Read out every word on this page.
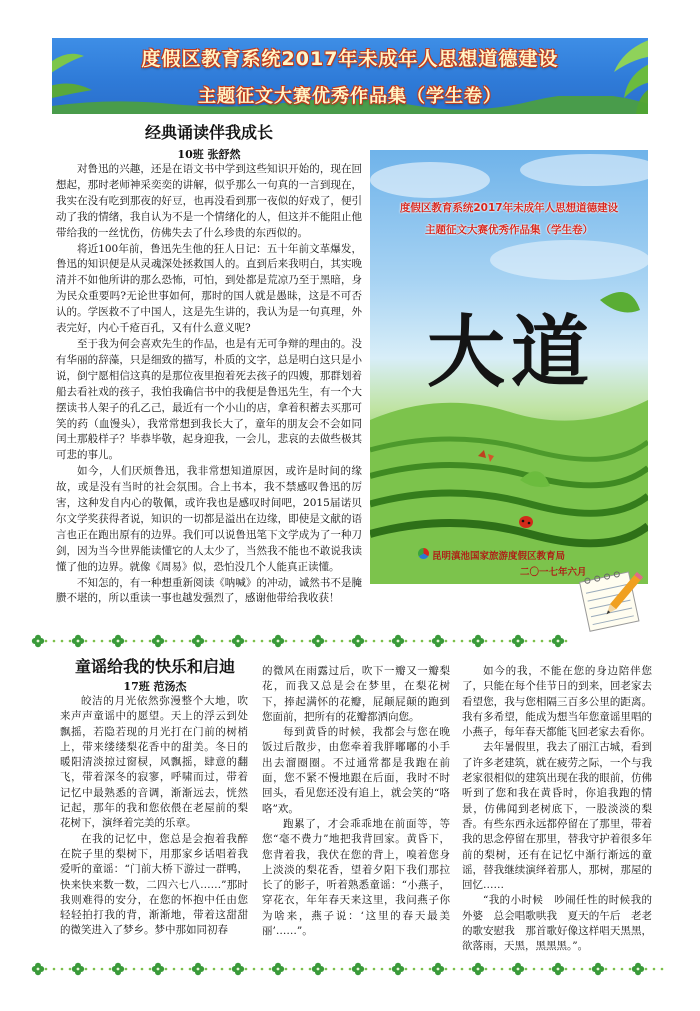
度假区教育系统2017年未成年人思想道德建设
主题征文大赛优秀作品集（学生卷）
经典诵读伴我成长
10班 张舒然

对鲁迅的兴趣，还是在语文书中学到这些知识开始的，现在回想起，那时老师神采奕奕的讲解，似乎那么一句真的一言到现在，我实在没有吃到那夜的好豆，也再没看到那一夜似的好戏了，便引动了我的情绪，我自认为不是一个情绪化的人，但这并不能阻止他带给我的一丝忧伤，仿佛失去了什么珍贵的东西似的。

将近100年前，鲁迅先生他的狂人日记：五十年前文革爆发，鲁迅的知识便是从灵魂深处拯救国人的。直到后来我明白，其实晚清并不如他所讲的那么恐怖，可怕，到处都是荒凉乃至于黑暗，身为民众重要吗?无论世事如何，那时的国人就是愚昧，这是不可否认的。学医救不了中国人，这是先生讲的，我认为是一句真理，外表完好，内心千疮百孔，又有什么意义呢?

至于我为何会喜欢先生的作品，也是有无可争辩的理由的。没有华丽的辞藻，只是细致的描写，朴质的文字，总是明白这只是小说，倒宁愿相信这真的是那位夜里抱着死去孩子的四嫂，那群划着船去看社戏的孩子，我怕我确信书中的我便是鲁迅先生，有一个大摆读书人架子的孔乙己，最近有一个小山的店，拿着积蓄去买那可笑的药（血馒头），我常常想到我长大了，童年的朋友会不会如同闰土那般样子？毕恭毕敬，起身迎我，一会儿，悲哀的去做些极其可悲的事儿。

如今，人们厌烦鲁迅，我非常想知道原因，或许是时间的缘故，或是没有当时的社会氛围。合上书本，我不禁感叹鲁迅的厉害，这种发自内心的敬佩，或许我也是感叹时间吧，2015届诺贝尔文学奖获得者说，知识的一切都是溢出在边缘，即使是文献的语言也正在跑出原有的边界。我们可以说鲁迅笔下文学成为了一种刀剑，因为当今世界能读懂它的人太少了，当然我不能也不敢说我读懂了他的边界。就像《周易》似，恐怕没几个人能真正读懂。

不知怎的，有一种想重新阅读《呐喊》的冲动，诚然书不是腌臜不堪的，所以重读一事也越发强烈了，感谢他带给我收获！

度假区教育系统2017年未成年人思想道德建设
主题征文大赛优秀作品集（学生卷）
大道
昆明滇池国家旅游度假区教育局
二〇一七年六月
童谣给我的快乐和启迪
17班 范汤杰

皎洁的月光依然弥漫整个大地，吹来声声童谣中的愿望。天上的浮云到处飘摇，若隐若现的月光打在门前的树梢上，带来缕缕梨花香中的甜美。冬日的暖阳清淡掠过窗棂，风飘摇，肆意的翻飞，带着深冬的寂寥，呼啸而过，带着记忆中最熟悉的音调，渐渐远去，恍然记起，那年的我和您依偎在老屋前的梨花树下，演绎着完美的乐章。

在我的记忆中，您总是会抱着我醉在院子里的梨树下，用那家乡话唱着我爱听的童谣：“门前大桥下游过一群鸭，快来快来数一数，二四六七八……”那时我则难得的安分，在您的怀抱中任由您轻轻拍打我的背，渐渐地，带着这甜甜的微笑进入了梦乡。梦中那如同初春

的微风在雨露过后，吹下一瓣又一瓣梨花，而我又总是会在梦里，在梨花树下，捧起满怀的花瓣，屁颠屁颠的跑到您面前，把所有的花瓣都洒向您。

每到黄昏的时候，我都会与您在晚饭过后散步，由您牵着我胖嘟嘟的小手出去溜圈圈。不过通常都是我跑在前面，您不紧不慢地跟在后面，我时不时回头，看见您还没有追上，就会笑的“咯咯”欢。

跑累了，才会乖乖地在前面等，等您“毫不费力”地把我背回家。黄昏下，您背着我，我伏在您的背上，嗅着您身上淡淡的梨花香，望着夕阳下我们那拉长了的影子，听着熟悉童谣：“小燕子，穿花衣，年年春天来这里，我问燕子你为啥来，燕子说：‘这里的春天最美丽’……”。

如今的我，不能在您的身边陪伴您了，只能在每个佳节日的到来，回老家去看望您，我与您相隔三百多公里的距离。我有多希望，能成为想当年您童谣里唱的小燕子，每年春天都能飞回老家去看你。

去年暑假里，我去了丽江古城，看到了许多老建筑，就在疲劳之际，一个与我老家很相似的建筑出现在我的眼前，仿佛听到了您和我在黄昏时，你追我跑的情景，仿佛闻到老树底下，一股淡淡的梨香。有些东西永远都停留在了那里，带着我的思念停留在那里，替我守护着很多年前的梨树，还有在记忆中渐行渐远的童谣，替我继续演绎着那人，那树，那屋的回忆……

“我的小时候　吵闹任性的时候我的外婆　总会唱歌哄我　夏天的午后　老老的歌安慰我　那首歌好像这样唱天黑黑，欲落雨，天黑，黑黑黑。”。
